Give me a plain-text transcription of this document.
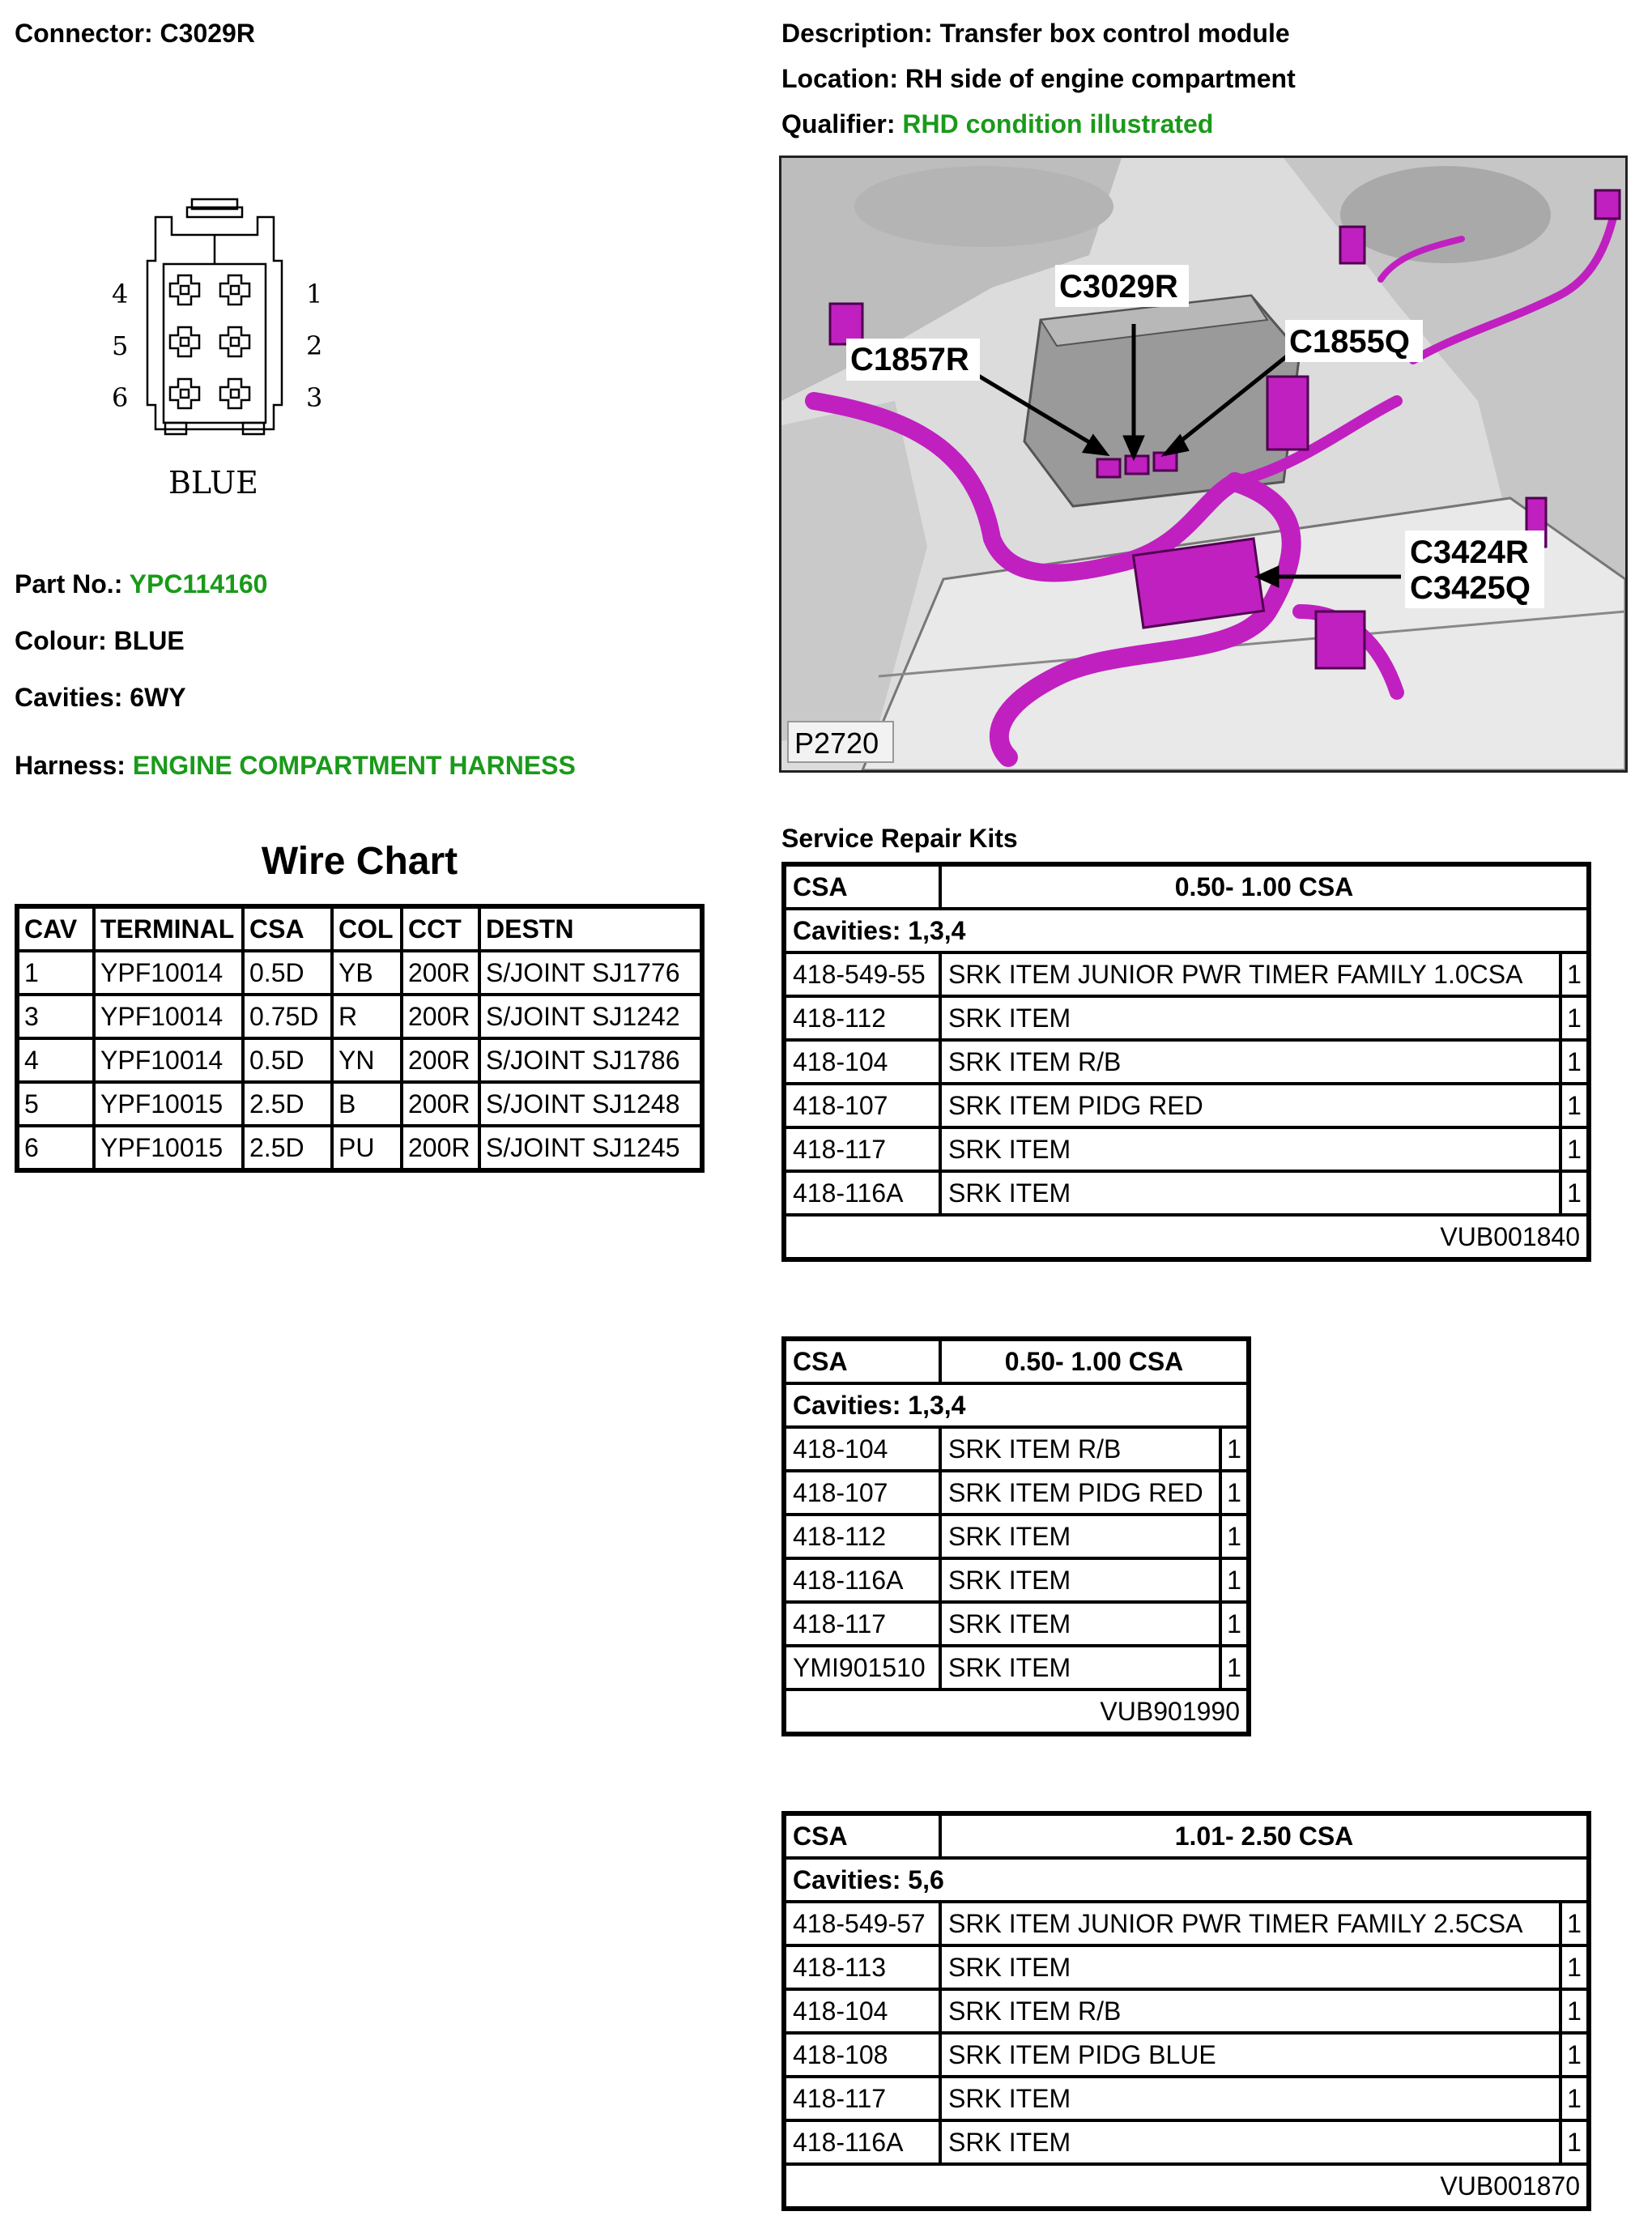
Connector: C3029R	Description: Transfer box control module
Location: RH side of engine compartment
Qualifier: RHD condition illustrated
4
5
6
1
2
3
BLUE
Part No.: YPC114160
Colour: BLUE
Cavities: 6WY
Harness: ENGINE COMPARTMENT HARNESS
C3029R
C1857R	C1855Q
C3424R
C3425Q
P2720
Wire Chart
CAV	TERMINAL	CSA	COL	CCT	DESTN
1	YPF10014	0.5D	YB	200R	S/JOINT SJ1776
3	YPF10014	0.75D	R	200R	S/JOINT SJ1242
4	YPF10014	0.5D	YN	200R	S/JOINT SJ1786
5	YPF10015	2.5D	B	200R	S/JOINT SJ1248
6	YPF10015	2.5D	PU	200R	S/JOINT SJ1245
Service Repair Kits
CSA	0.50- 1.00 CSA	
Cavities: 1,3,4		
418-549-55	SRK ITEM JUNIOR PWR TIMER FAMILY 1.0CSA	1
418-112	SRK ITEM	1
418-104	SRK ITEM R/B	1
418-107	SRK ITEM PIDG RED	1
418-117	SRK ITEM	1
418-116A	SRK ITEM	1
VUB001840		
CSA	0.50- 1.00 CSA	
Cavities: 1,3,4		
418-104	SRK ITEM R/B	1
418-107	SRK ITEM PIDG RED	1
418-112	SRK ITEM	1
418-116A	SRK ITEM	1
418-117	SRK ITEM	1
YMI901510	SRK ITEM	1
VUB901990		
CSA	1.01- 2.50 CSA	
Cavities: 5,6		
418-549-57	SRK ITEM JUNIOR PWR TIMER FAMILY 2.5CSA	1
418-113	SRK ITEM	1
418-104	SRK ITEM R/B	1
418-108	SRK ITEM PIDG BLUE	1
418-117	SRK ITEM	1
418-116A	SRK ITEM	1
VUB001870		
